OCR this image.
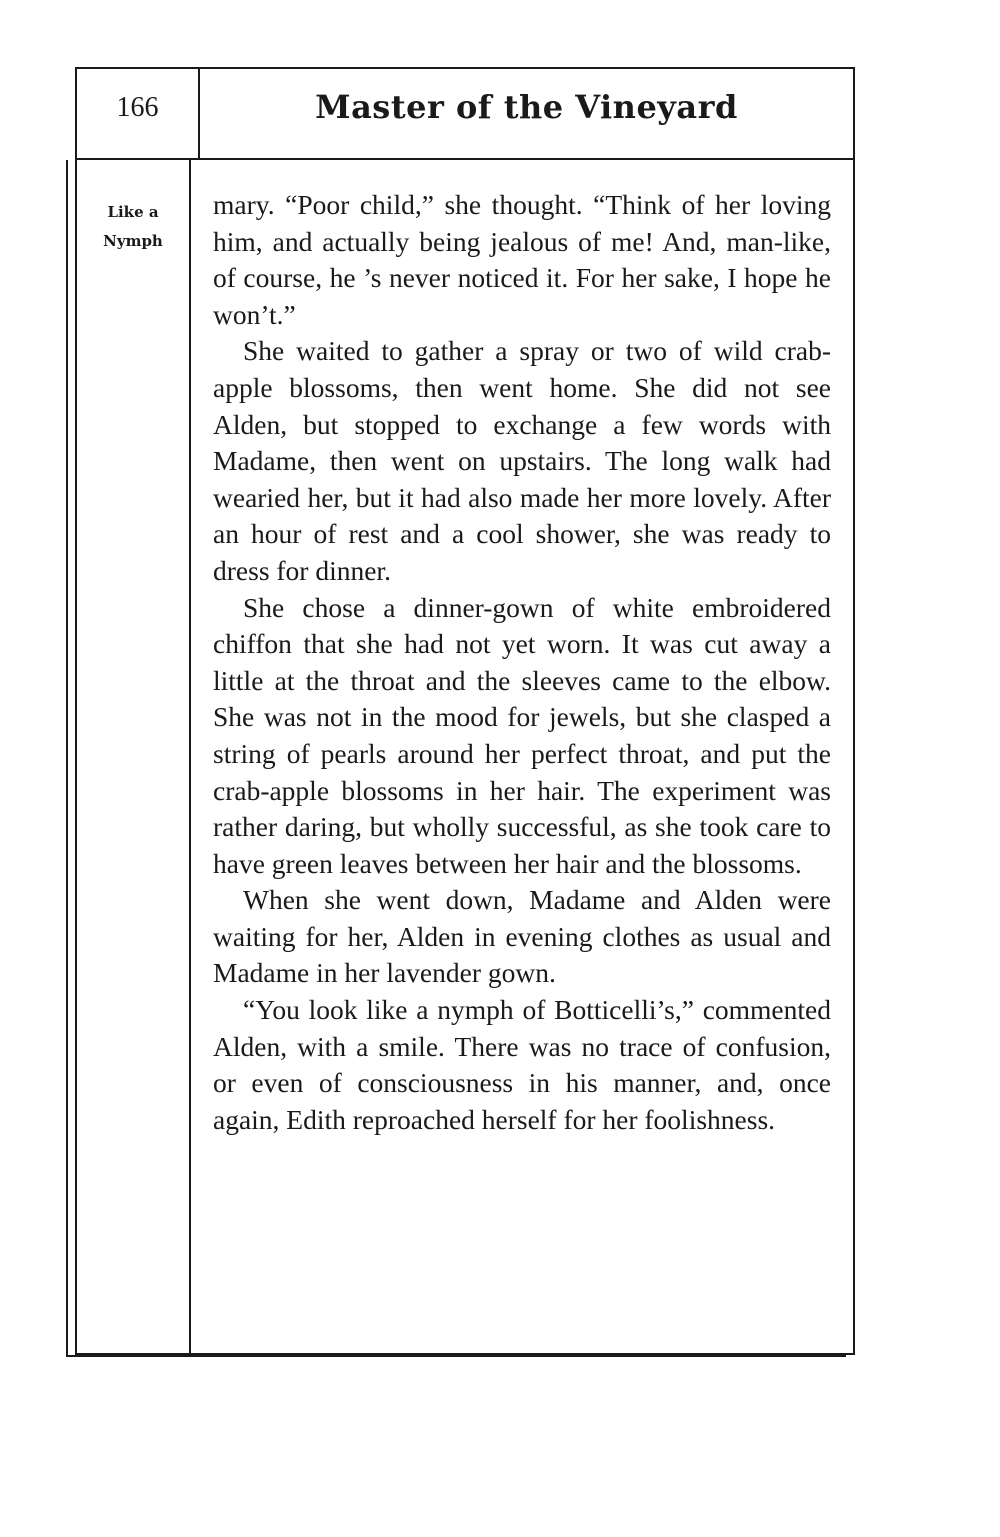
166	Master of the Vineyard
Like a
Nymph

mary. “Poor child,” she thought. “Think of her loving him, and actually being jealous of me! And, man-like, of course, he ’s never noticed it. For her sake, I hope he won’t.”

She waited to gather a spray or two of wild crab-apple blossoms, then went home. She did not see Alden, but stopped to exchange a few words with Madame, then went on upstairs. The long walk had wearied her, but it had also made her more lovely. After an hour of rest and a cool shower, she was ready to dress for dinner.

She chose a dinner-gown of white embroidered chiffon that she had not yet worn. It was cut away a little at the throat and the sleeves came to the elbow. She was not in the mood for jewels, but she clasped a string of pearls around her perfect throat, and put the crab-apple blossoms in her hair. The experiment was rather daring, but wholly successful, as she took care to have green leaves between her hair and the blossoms.

When she went down, Madame and Alden were waiting for her, Alden in evening clothes as usual and Madame in her lavender gown.

“You look like a nymph of Botticelli’s,” commented Alden, with a smile. There was no trace of confusion, or even of consciousness in his manner, and, once again, Edith reproached herself for her foolishness.
